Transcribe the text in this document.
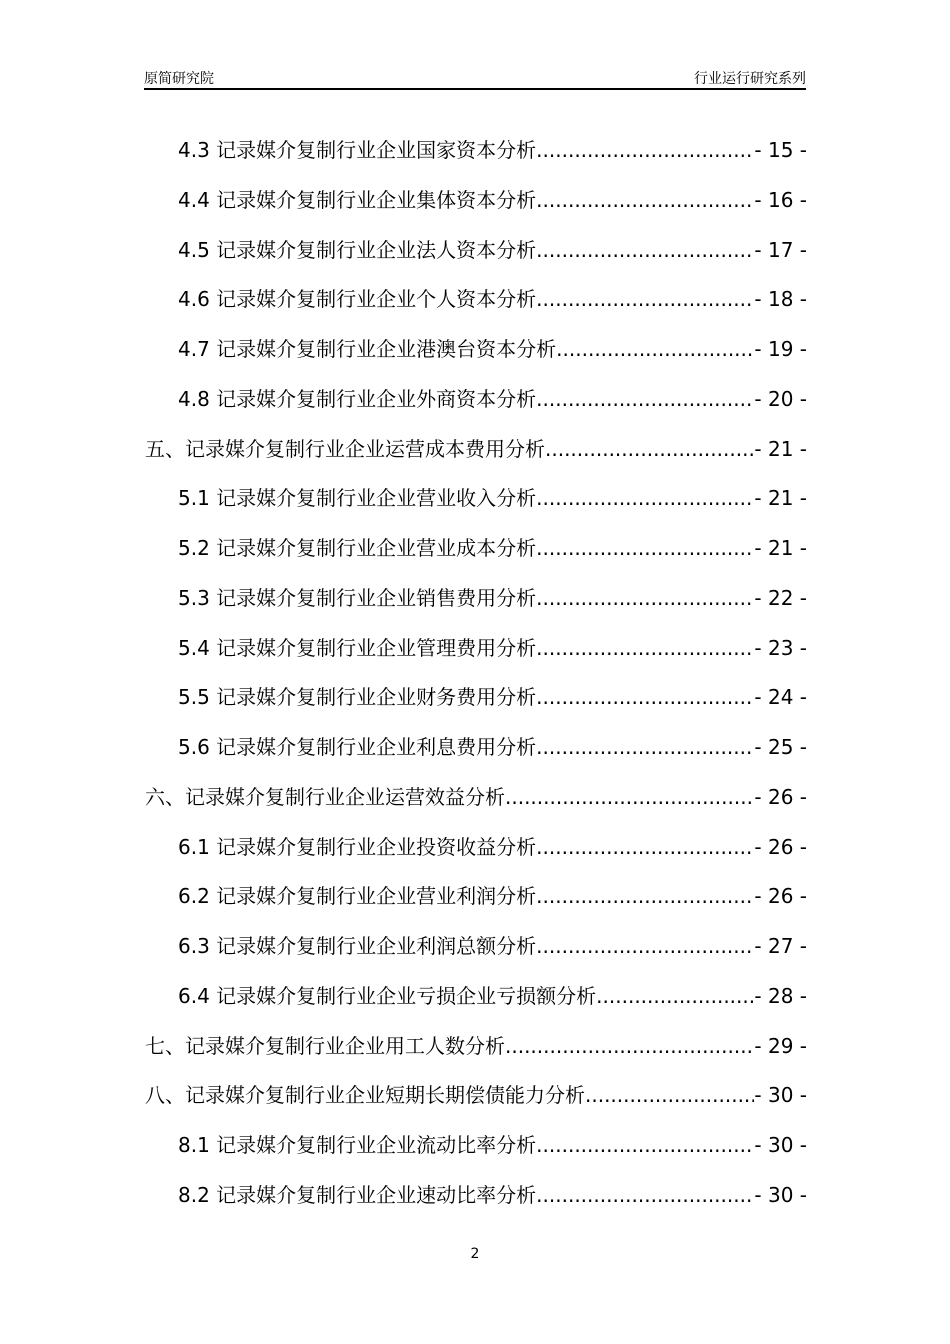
原简研究院	行业运行研究系列
4.3 记录媒介复制行业企业国家资本分析 .....	- 15 -
4.4 记录媒介复制行业企业集体资本分析 .....	- 16 -
4.5 记录媒介复制行业企业法人资本分析 .....	- 17 -
4.6 记录媒介复制行业企业个人资本分析 .....	- 18 -
4.7 记录媒介复制行业企业港澳台资本分析 .....	- 19 -
4.8 记录媒介复制行业企业外商资本分析 .....	- 20 -
五、记录媒介复制行业企业运营成本费用分析 .....	- 21 -
5.1 记录媒介复制行业企业营业收入分析 .....	- 21 -
5.2 记录媒介复制行业企业营业成本分析 .....	- 21 -
5.3 记录媒介复制行业企业销售费用分析 .....	- 22 -
5.4 记录媒介复制行业企业管理费用分析 .....	- 23 -
5.5 记录媒介复制行业企业财务费用分析 .....	- 24 -
5.6 记录媒介复制行业企业利息费用分析 .....	- 25 -
六、记录媒介复制行业企业运营效益分析 .....	- 26 -
6.1 记录媒介复制行业企业投资收益分析 .....	- 26 -
6.2 记录媒介复制行业企业营业利润分析 .....	- 26 -
6.3 记录媒介复制行业企业利润总额分析 .....	- 27 -
6.4 记录媒介复制行业企业亏损企业亏损额分析 .....	- 28 -
七、记录媒介复制行业企业用工人数分析 .....	- 29 -
八、记录媒介复制行业企业短期长期偿债能力分析 .....	- 30 -
8.1 记录媒介复制行业企业流动比率分析 .....	- 30 -
8.2 记录媒介复制行业企业速动比率分析 .....	- 30 -
2
